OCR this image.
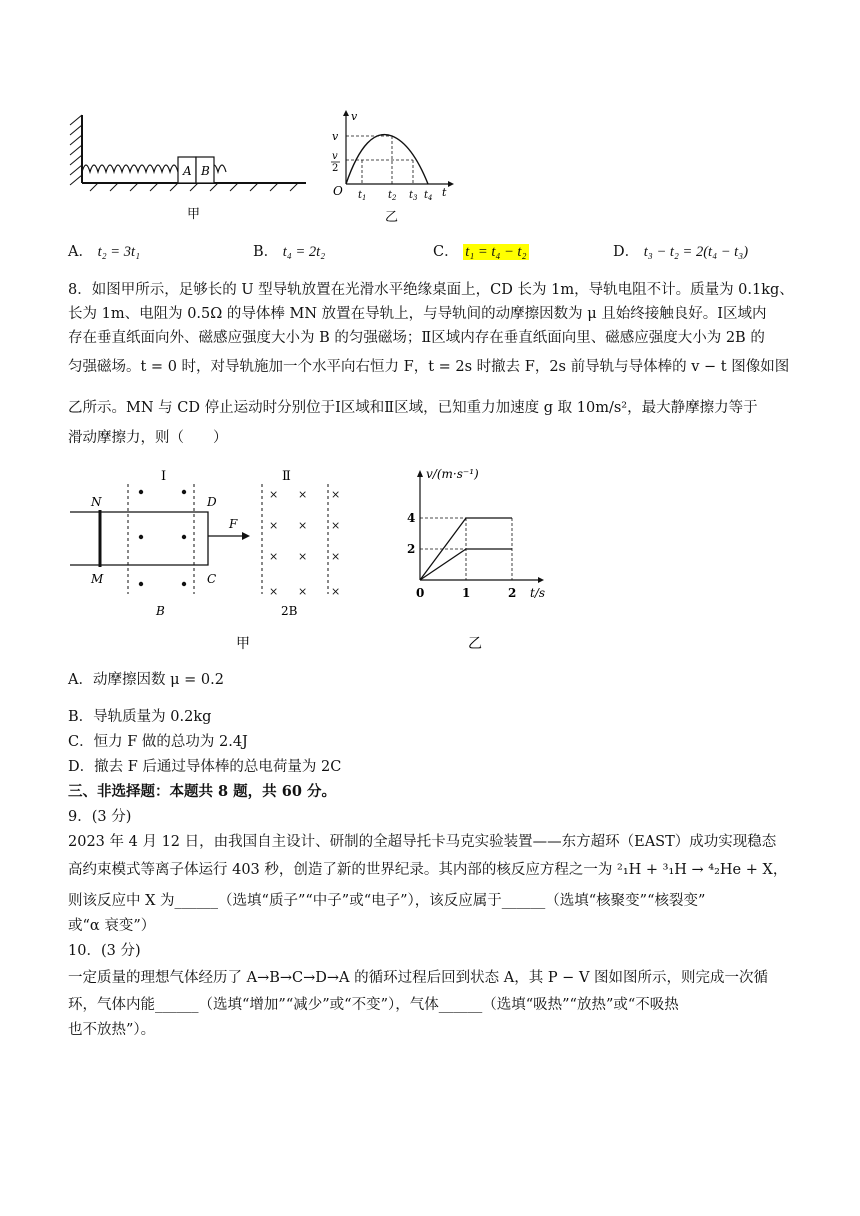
A B
甲
v
t
O
v
v
2
$t_1$ $t_2$ $t_3$ $t_4$
乙
A． t₂ = 3t₁	B． t₄ = 2t₂	C． t₁ = t₄ − t₂	D． t₃ − t₂ = 2(t₄ − t₃)
8．如图甲所示，足够长的 U 型导轨放置在光滑水平绝缘桌面上，CD 长为 1m，导轨电阻不计。质量为 0.1kg、
长为 1m、电阻为 0.5Ω 的导体棒 MN 放置在导轨上，与导轨间的动摩擦因数为 μ 且始终接触良好。Ⅰ区域内
存在垂直纸面向外、磁感应强度大小为 B 的匀强磁场；Ⅱ区域内存在垂直纸面向里、磁感应强度大小为 2B 的
匀强磁场。t = 0 时，对导轨施加一个水平向右恒力 F，t = 2s 时撤去 F，2s 前导轨与导体棒的 v − t 图像如图
乙所示。MN 与 CD 停止运动时分别位于Ⅰ区域和Ⅱ区域，已知重力加速度 g 取 10m/s²，最大静摩擦力等于
滑动摩擦力，则（　　）
Ⅰ	Ⅱ
N
M
D
C
F
× × ×
× × ×
× × ×
× × ×
B	2B
甲
v/(m·s⁻¹)
t/s
0	1	2
2
4
乙
A．动摩擦因数 μ = 0.2
B．导轨质量为 0.2kg
C．恒力 F 做的总功为 2.4J
D．撤去 F 后通过导体棒的总电荷量为 2C
三、非选择题：本题共 8 题，共 60 分。
9．(3 分)
2023 年 4 月 12 日，由我国自主设计、研制的全超导托卡马克实验装置——东方超环（EAST）成功实现稳态
高约束模式等离子体运行 403 秒，创造了新的世界纪录。其内部的核反应方程之一为 ²₁H + ³₁H → ⁴₂He + X，
则该反应中 X 为______（选填“质子”“中子”或“电子”），该反应属于______（选填“核聚变”“核裂变”
或“α 衰变”）
10．(3 分)
一定质量的理想气体经历了 A→B→C→D→A 的循环过程后回到状态 A，其 P − V 图如图所示，则完成一次循
环，气体内能______（选填“增加”“减少”或“不变”），气体______（选填“吸热”“放热”或“不吸热
也不放热”）。
